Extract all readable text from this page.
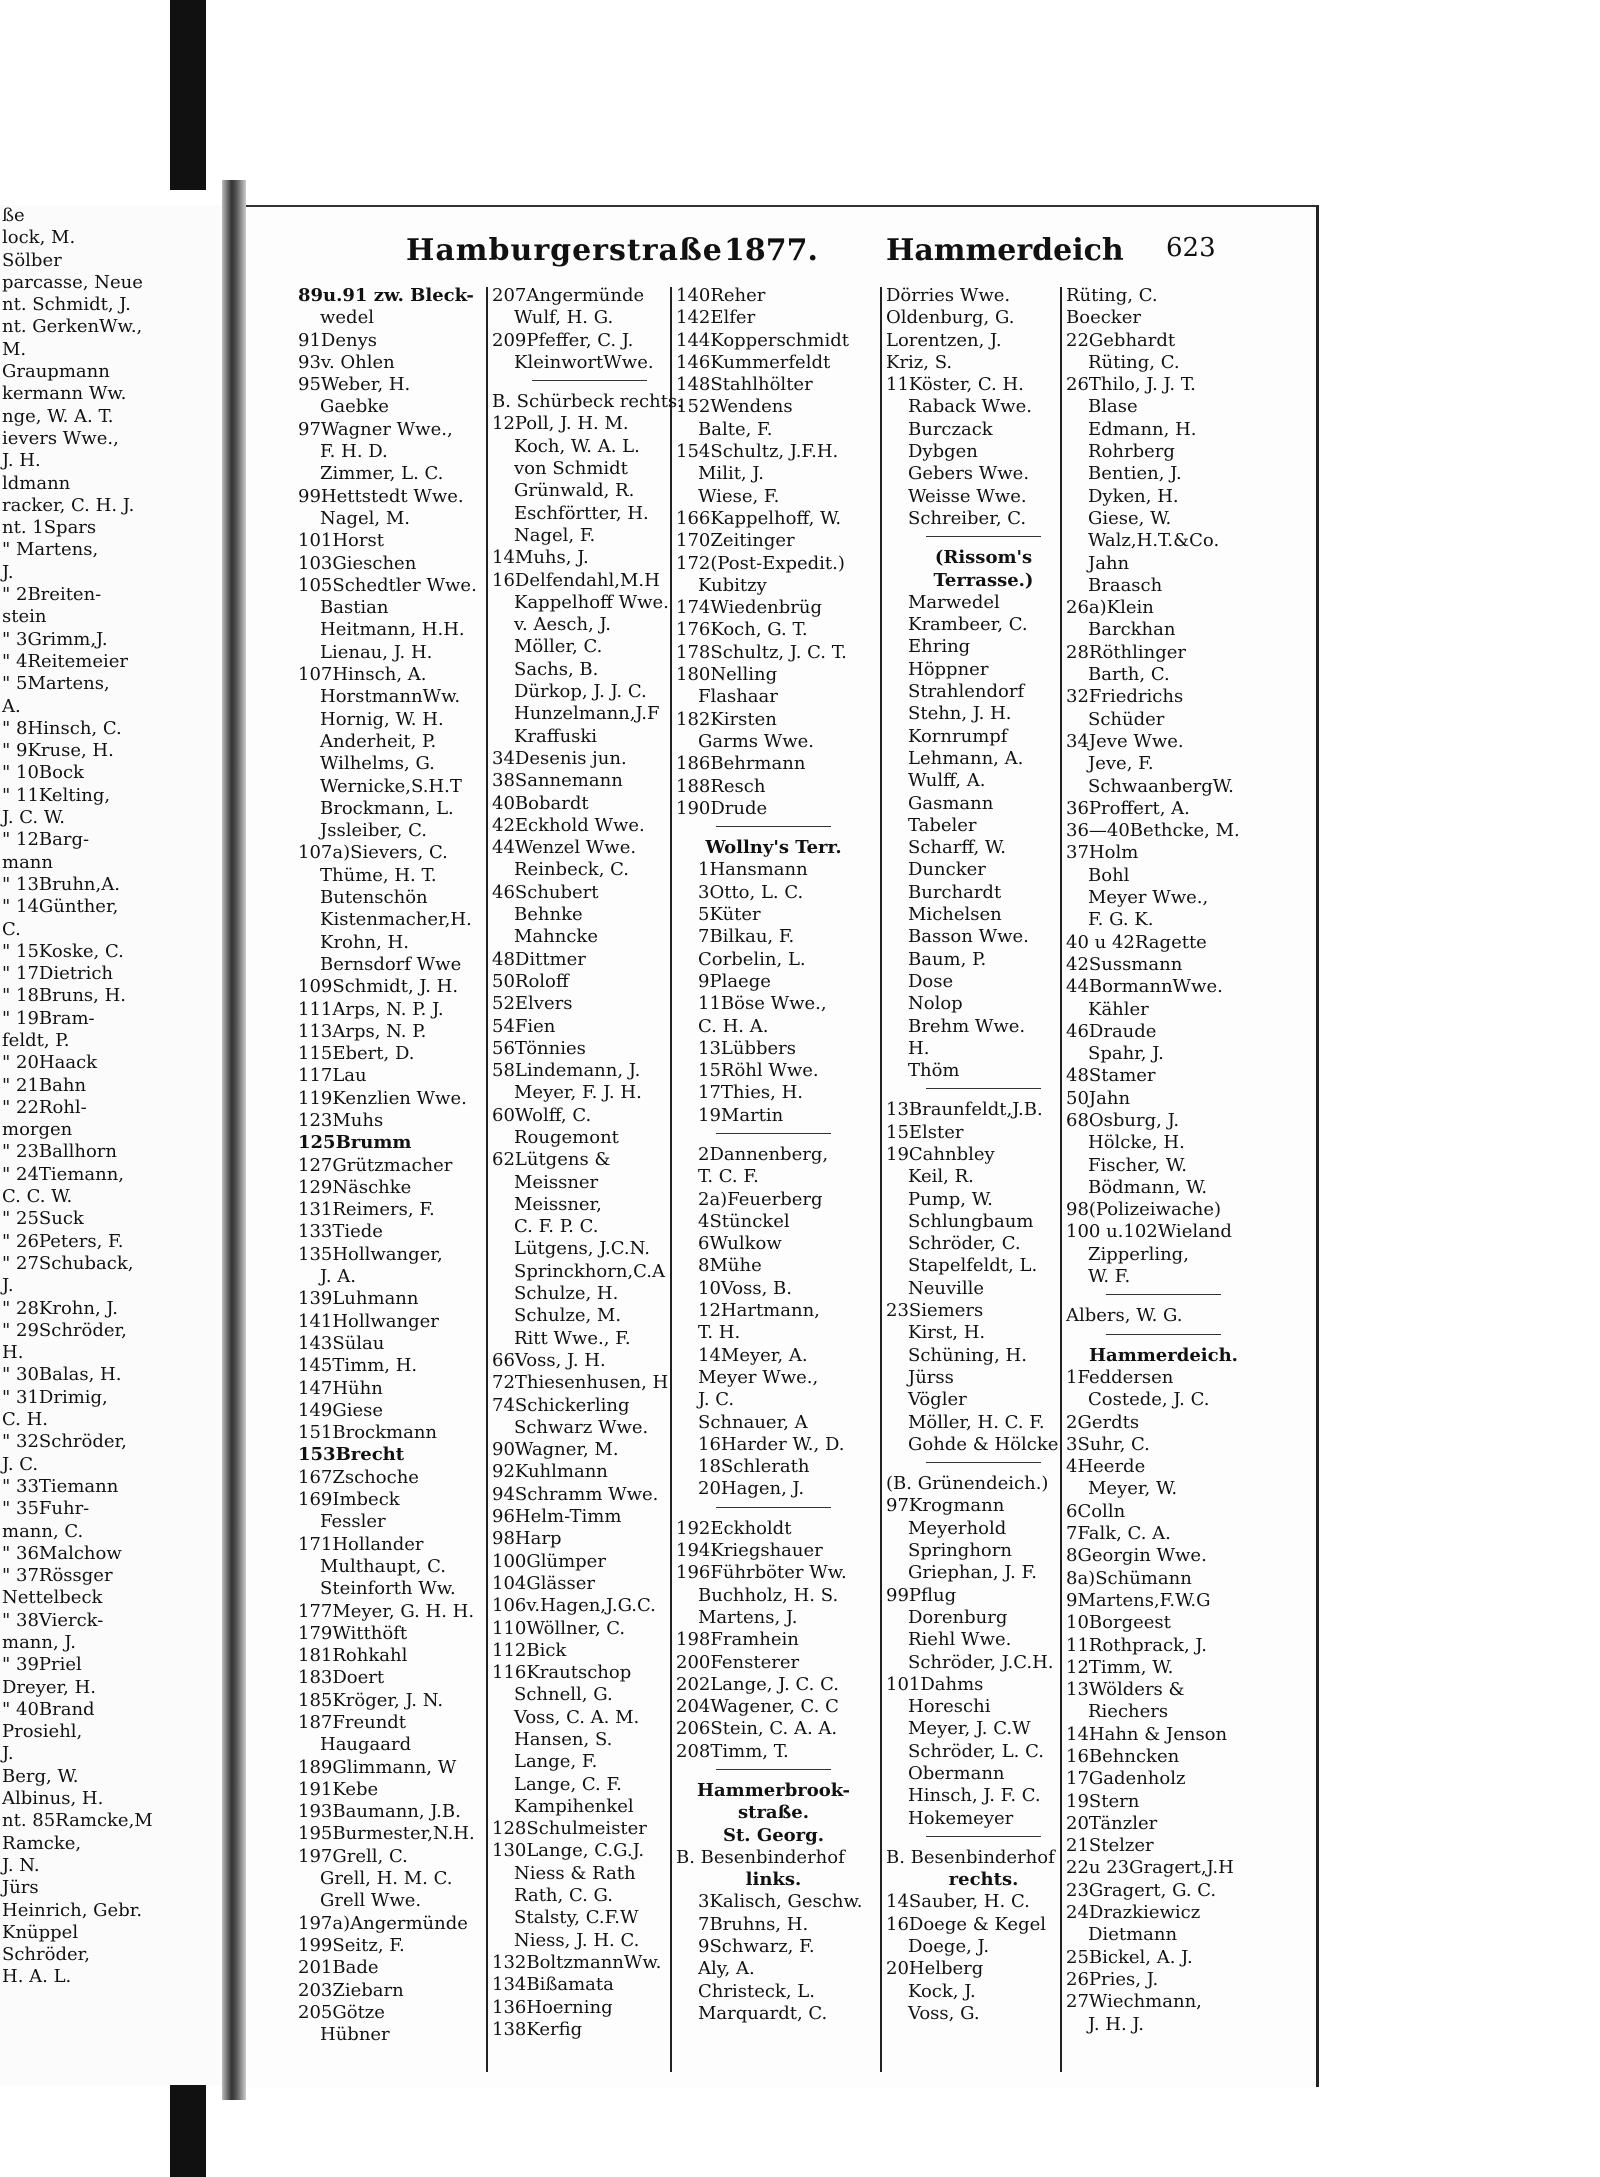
ße
lock, M.
Sölber
parcasse, Neue
nt. Schmidt, J.
nt. GerkenWw.,
M.
Graupmann
kermann Ww.
nge, W. A. T.
ievers Wwe.,
J. H.
ldmann
racker, C. H. J.
nt. 1Spars
" Martens,
J.
" 2Breiten-
stein
" 3Grimm,J.
" 4Reitemeier
" 5Martens,
A.
" 8Hinsch, C.
" 9Kruse, H.
" 10Bock
" 11Kelting,
J. C. W.
" 12Barg-
mann
" 13Bruhn,A.
" 14Günther,
C.
" 15Koske, C.
" 17Dietrich
" 18Bruns, H.
" 19Bram-
feldt, P.
" 20Haack
" 21Bahn
" 22Rohl-
morgen
" 23Ballhorn
" 24Tiemann,
C. C. W.
" 25Suck
" 26Peters, F.
" 27Schuback,
J.
" 28Krohn, J.
" 29Schröder,
H.
" 30Balas, H.
" 31Drimig,
C. H.
" 32Schröder,
J. C.
" 33Tiemann
" 35Fuhr-
mann, C.
" 36Malchow
" 37Rössger
Nettelbeck
" 38Vierck-
mann, J.
" 39Priel
Dreyer, H.
" 40Brand
Prosiehl,
J.
Berg, W.
Albinus, H.
nt. 85Ramcke,M
Ramcke,
J. N.
Jürs
Heinrich, Gebr.
Knüppel
Schröder,
H. A. L.
Hamburgerstraße 1877. Hammerdeich 623
89u.91 zw. Bleck-
wedel
91Denys
93v. Ohlen
95Weber, H.
Gaebke
97Wagner Wwe.,
F. H. D.
Zimmer, L. C.
99Hettstedt Wwe.
Nagel, M.
101Horst
103Gieschen
105Schedtler Wwe.
Bastian
Heitmann, H.H.
Lienau, J. H.
107Hinsch, A.
HorstmannWw.
Hornig, W. H.
Anderheit, P.
Wilhelms, G.
Wernicke,S.H.T
Brockmann, L.
Jssleiber, C.
107a)Sievers, C.
Thüme, H. T.
Butenschön
Kistenmacher,H.
Krohn, H.
Bernsdorf Wwe
109Schmidt, J. H.
111Arps, N. P. J.
113Arps, N. P.
115Ebert, D.
117Lau
119Kenzlien Wwe.
123Muhs
125Brumm
127Grützmacher
129Näschke
131Reimers, F.
133Tiede
135Hollwanger,
J. A.
139Luhmann
141Hollwanger
143Sülau
145Timm, H.
147Hühn
149Giese
151Brockmann
153Brecht
167Zschoche
169Imbeck
Fessler
171Hollander
Multhaupt, C.
Steinforth Ww.
177Meyer, G. H. H.
179Witthöft
181Rohkahl
183Doert
185Kröger, J. N.
187Freundt
Haugaard
189Glimmann, W
191Kebe
193Baumann, J.B.
195Burmester,N.H.
197Grell, C.
Grell, H. M. C.
Grell Wwe.
197a)Angermünde
199Seitz, F.
201Bade
203Ziebarn
205Götze
Hübner
207Angermünde
Wulf, H. G.
209Pfeffer, C. J.
KleinwortWwe.
B. Schürbeck rechts.
12Poll, J. H. M.
Koch, W. A. L.
von Schmidt
Grünwald, R.
Eschförtter, H.
Nagel, F.
14Muhs, J.
16Delfendahl,M.H
Kappelhoff Wwe.
v. Aesch, J.
Möller, C.
Sachs, B.
Dürkop, J. J. C.
Hunzelmann,J.F
Kraffuski
34Desenis jun.
38Sannemann
40Bobardt
42Eckhold Wwe.
44Wenzel Wwe.
Reinbeck, C.
46Schubert
Behnke
Mahncke
48Dittmer
50Roloff
52Elvers
54Fien
56Tönnies
58Lindemann, J.
Meyer, F. J. H.
60Wolff, C.
Rougemont
62Lütgens &
Meissner
Meissner,
C. F. P. C.
Lütgens, J.C.N.
Sprinckhorn,C.A
Schulze, H.
Schulze, M.
Ritt Wwe., F.
66Voss, J. H.
72Thiesenhusen, H
74Schickerling
Schwarz Wwe.
90Wagner, M.
92Kuhlmann
94Schramm Wwe.
96Helm-Timm
98Harp
100Glümper
104Glässer
106v.Hagen,J.G.C.
110Wöllner, C.
112Bick
116Krautschop
Schnell, G.
Voss, C. A. M.
Hansen, S.
Lange, F.
Lange, C. F.
Kampihenkel
128Schulmeister
130Lange, C.G.J.
Niess & Rath
Rath, C. G.
Stalsty, C.F.W
Niess, J. H. C.
132BoltzmannWw.
134Bißamata
136Hoerning
138Kerfig
140Reher
142Elfer
144Kopperschmidt
146Kummerfeldt
148Stahlhölter
152Wendens
Balte, F.
154Schultz, J.F.H.
Milit, J.
Wiese, F.
166Kappelhoff, W.
170Zeitinger
172(Post-Expedit.)
Kubitzy
174Wiedenbrüg
176Koch, G. T.
178Schultz, J. C. T.
180Nelling
Flashaar
182Kirsten
Garms Wwe.
186Behrmann
188Resch
190Drude
Wollny's Terr.
1Hansmann
3Otto, L. C.
5Küter
7Bilkau, F.
Corbelin, L.
9Plaege
11Böse Wwe.,
C. H. A.
13Lübbers
15Röhl Wwe.
17Thies, H.
19Martin
2Dannenberg,
T. C. F.
2a)Feuerberg
4Stünckel
6Wulkow
8Mühe
10Voss, B.
12Hartmann,
T. H.
14Meyer, A.
Meyer Wwe.,
J. C.
Schnauer, A
16Harder W., D.
18Schlerath
20Hagen, J.
192Eckholdt
194Kriegshauer
196Führböter Ww.
Buchholz, H. S.
Martens, J.
198Framhein
200Fensterer
202Lange, J. C. C.
204Wagener, C. C
206Stein, C. A. A.
208Timm, T.
Hammerbrook-
straße.
St. Georg.
B. Besenbinderhof
links.
3Kalisch, Geschw.
7Bruhns, H.
9Schwarz, F.
Aly, A.
Christeck, L.
Marquardt, C.
Dörries Wwe.
Oldenburg, G.
Lorentzen, J.
Kriz, S.
11Köster, C. H.
Raback Wwe.
Burczack
Dybgen
Gebers Wwe.
Weisse Wwe.
Schreiber, C.
(Rissom's
Terrasse.)
Marwedel
Krambeer, C.
Ehring
Höppner
Strahlendorf
Stehn, J. H.
Kornrumpf
Lehmann, A.
Wulff, A.
Gasmann
Tabeler
Scharff, W.
Duncker
Burchardt
Michelsen
Basson Wwe.
Baum, P.
Dose
Nolop
Brehm Wwe.
H.
Thöm
13Braunfeldt,J.B.
15Elster
19Cahnbley
Keil, R.
Pump, W.
Schlungbaum
Schröder, C.
Stapelfeldt, L.
Neuville
23Siemers
Kirst, H.
Schüning, H.
Jürss
Vögler
Möller, H. C. F.
Gohde & Hölcke
(B. Grünendeich.)
97Krogmann
Meyerhold
Springhorn
Griephan, J. F.
99Pflug
Dorenburg
Riehl Wwe.
Schröder, J.C.H.
101Dahms
Horeschi
Meyer, J. C.W
Schröder, L. C.
Obermann
Hinsch, J. F. C.
Hokemeyer
B. Besenbinderhof
rechts.
14Sauber, H. C.
16Doege & Kegel
Doege, J.
20Helberg
Kock, J.
Voss, G.
Rüting, C.
Boecker
22Gebhardt
Rüting, C.
26Thilo, J. J. T.
Blase
Edmann, H.
Rohrberg
Bentien, J.
Dyken, H.
Giese, W.
Walz,H.T.&Co.
Jahn
Braasch
26a)Klein
Barckhan
28Röthlinger
Barth, C.
32Friedrichs
Schüder
34Jeve Wwe.
Jeve, F.
SchwaanbergW.
36Proffert, A.
36—40Bethcke, M.
37Holm
Bohl
Meyer Wwe.,
F. G. K.
40 u 42Ragette
42Sussmann
44BormannWwe.
Kähler
46Draude
Spahr, J.
48Stamer
50Jahn
68Osburg, J.
Hölcke, H.
Fischer, W.
Bödmann, W.
98(Polizeiwache)
100 u.102Wieland
Zipperling,
W. F.
Albers, W. G.
Hammerdeich.
1Feddersen
Costede, J. C.
2Gerdts
3Suhr, C.
4Heerde
Meyer, W.
6Colln
7Falk, C. A.
8Georgin Wwe.
8a)Schümann
9Martens,F.W.G
10Borgeest
11Rothprack, J.
12Timm, W.
13Wölders &
Riechers
14Hahn & Jenson
16Behncken
17Gadenholz
19Stern
20Tänzler
21Stelzer
22u 23Gragert,J.H
23Gragert, G. C.
24Drazkiewicz
Dietmann
25Bickel, A. J.
26Pries, J.
27Wiechmann,
J. H. J.
